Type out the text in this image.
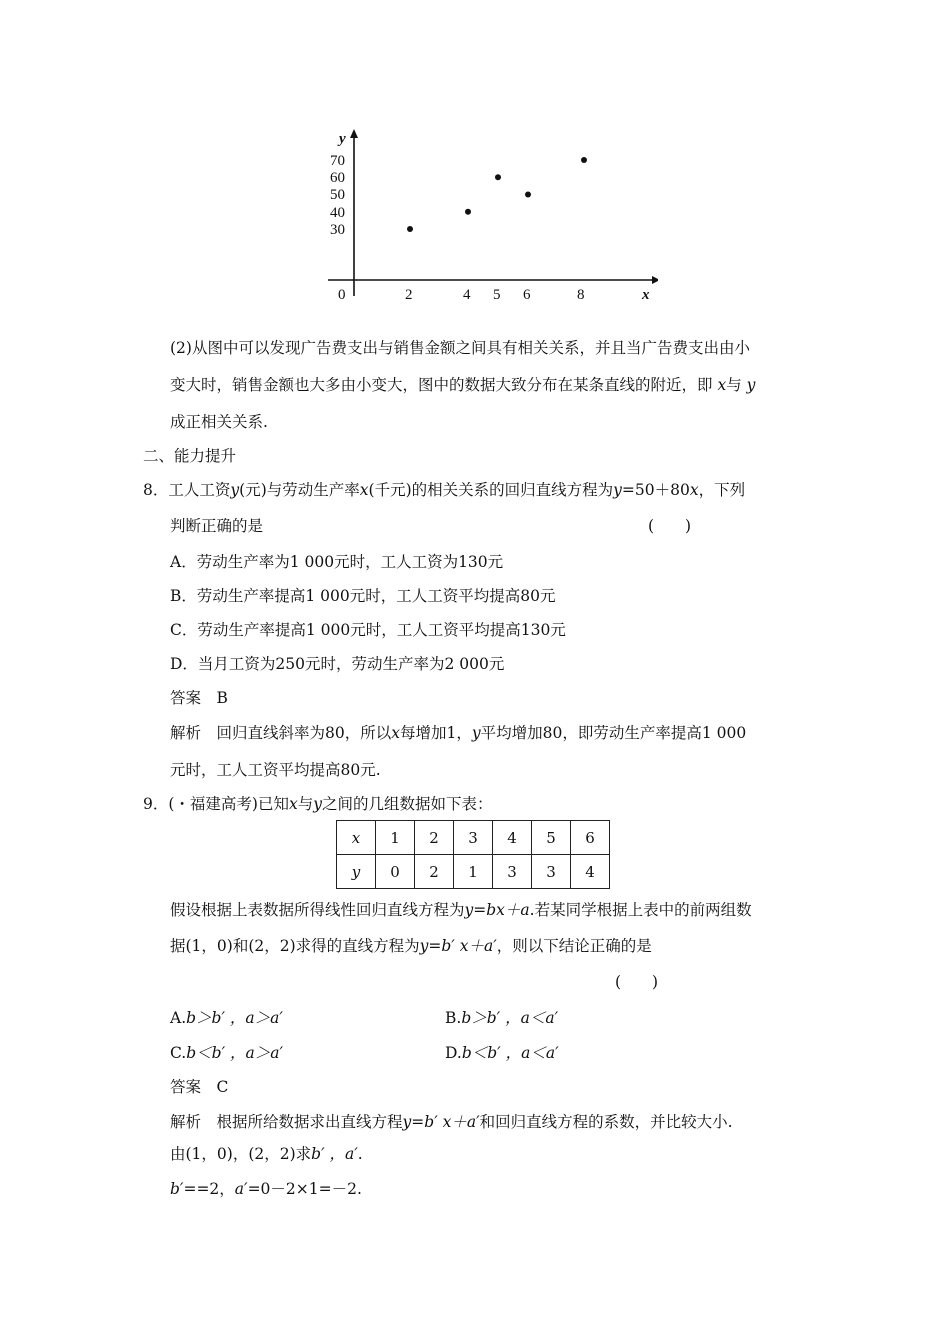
y
x
0
30
40
50
60
70
2	4 5 6	8
(2)从图中可以发现广告费支出与销售金额之间具有相关关系，并且当广告费支出由小
变大时，销售金额也大多由小变大，图中的数据大致分布在某条直线的附近，即 x与 y
成正相关关系.
二、能力提升
8．工人工资y(元)与劳动生产率x(千元)的相关关系的回归直线方程为y=50＋80x，下列
判断正确的是	(　　)
A．劳动生产率为1 000元时，工人工资为130元
B．劳动生产率提高1 000元时，工人工资平均提高80元
C．劳动生产率提高1 000元时，工人工资平均提高130元
D．当月工资为250元时，劳动生产率为2 000元
答案　 B
解析　 回归直线斜率为80，所以x每增加1，y平均增加80，即劳动生产率提高1 000
元时，工人工资平均提高80元.
9．(・福建高考)已知x与y之间的几组数据如下表：
x	1	2	3	4	5	6
y	0	2	1	3	3	4
假设根据上表数据所得线性回归直线方程为y=bx＋a.若某同学根据上表中的前两组数
据(1，0)和(2，2)求得的直线方程为y=b′ x＋a′，则以下结论正确的是
(　　)
A.b＞b′ ，a＞a′	B.b＞b′ ，a＜a′
C.b＜b′ ，a＞a′	D.b＜b′ ，a＜a′
答案　 C
解析　 根据所给数据求出直线方程y=b′ x＋a′和回归直线方程的系数，并比较大小.
由(1，0)，(2，2)求b′ ，a′.
b′==2，a′=0－2×1=－2.
